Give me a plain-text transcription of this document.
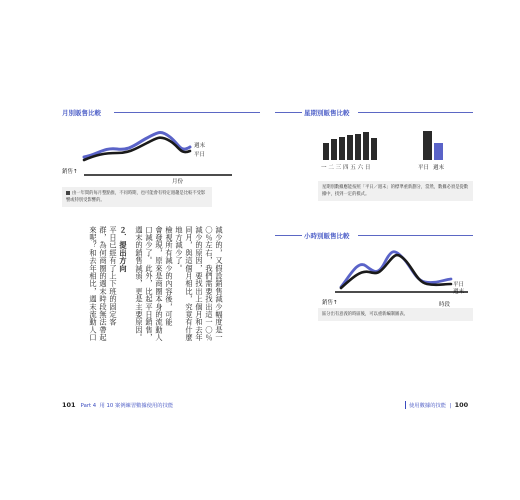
月別販售比較
週末
平日
銷售↑
月份
由一年間的每月整點推，不同時期，也可能會有特定週趨是比較不受影響或特別受影響的。
減少的，又假設銷售減少幅度是一
〇％左右，我們需要找出這一〇％
減少的原因，要找出上個月和去年
同月，與這個月相比，究竟有什麼
地方減少了。
檢視所有減少的內容後，可能
會發現，原來是商圈本身的流動人
口減少了。此外，比起平日銷售，
週末的銷售減弱，更是主要原因。
２．提出方向
平日已經有了上下班的固定客
群，為何商圈的週末時段無法帶起
來呢？和去年相比，週末流動人口
101 Part 4 用 10 案例練習數據使用的技能
星期別販售比較
一二三四五六日	平日 週末
星期別數據應能按照「平日／週末」的標準重新劃分，當然，數據必須是從數據中，找到一定的模式。
小時別販售比較
平日
週末
銷售↑	時段
區分出有意義的時區後，可以重新編制圖表。
使用數據的技能 | 100
